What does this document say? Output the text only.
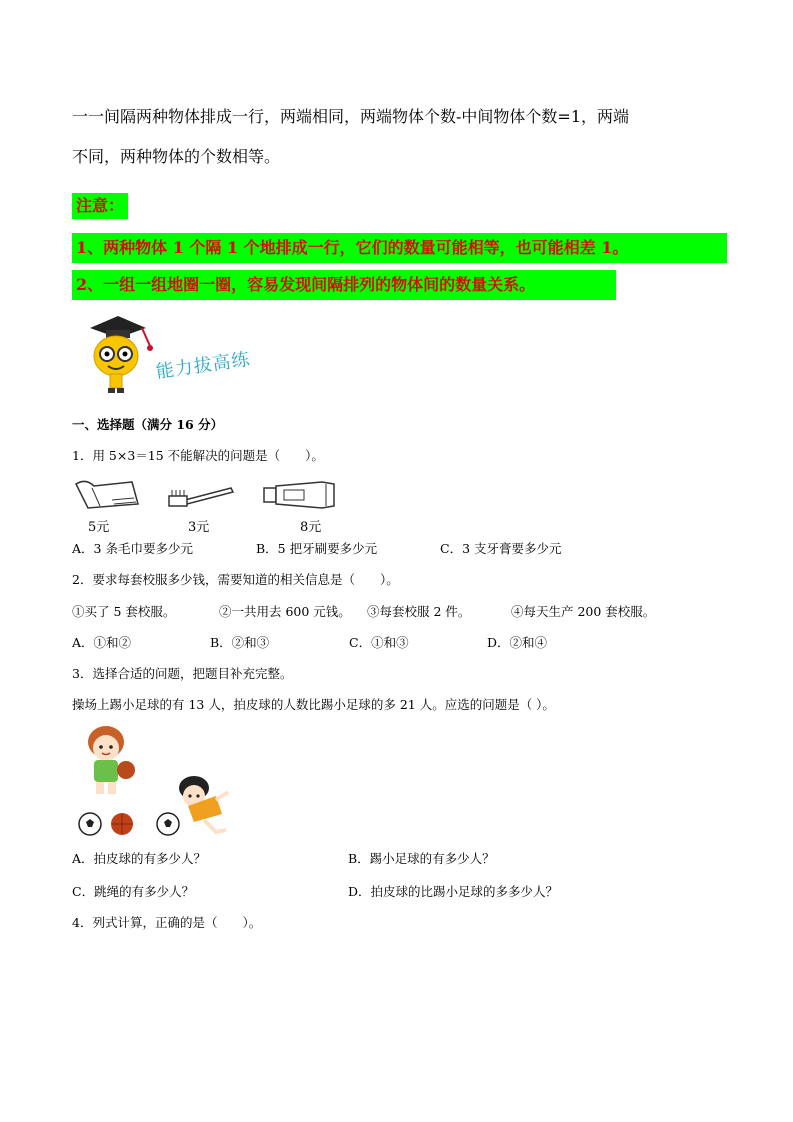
一一间隔两种物体排成一行，两端相同，两端物体个数-中间物体个数=1，两端
不同，两种物体的个数相等。
注意：
1、两种物体 1 个隔 1 个地排成一行，它们的数量可能相等，也可能相差 1。
2、一组一组地圈一圈，容易发现间隔排列的物体间的数量关系。
能力拔高练
一、选择题（满分 16 分）
1．用 5×3＝15 不能解决的问题是（　　）。
5元	3元	8元
A．3 条毛巾要多少元	B．5 把牙刷要多少元	C．3 支牙膏要多少元
2．要求每套校服多少钱，需要知道的相关信息是（　　）。
①买了 5 套校服。	②一共用去 600 元钱。 ③每套校服 2 件。	④每天生产 200 套校服。
A．①和②	B．②和③	C．①和③	D．②和④
3．选择合适的问题，把题目补充完整。
操场上踢小足球的有 13 人，拍皮球的人数比踢小足球的多 21 人。应选的问题是（ ）。
A．拍皮球的有多少人？	B．踢小足球的有多少人？
C．跳绳的有多少人？	D．拍皮球的比踢小足球的多多少人？
4．列式计算，正确的是（　　）。
